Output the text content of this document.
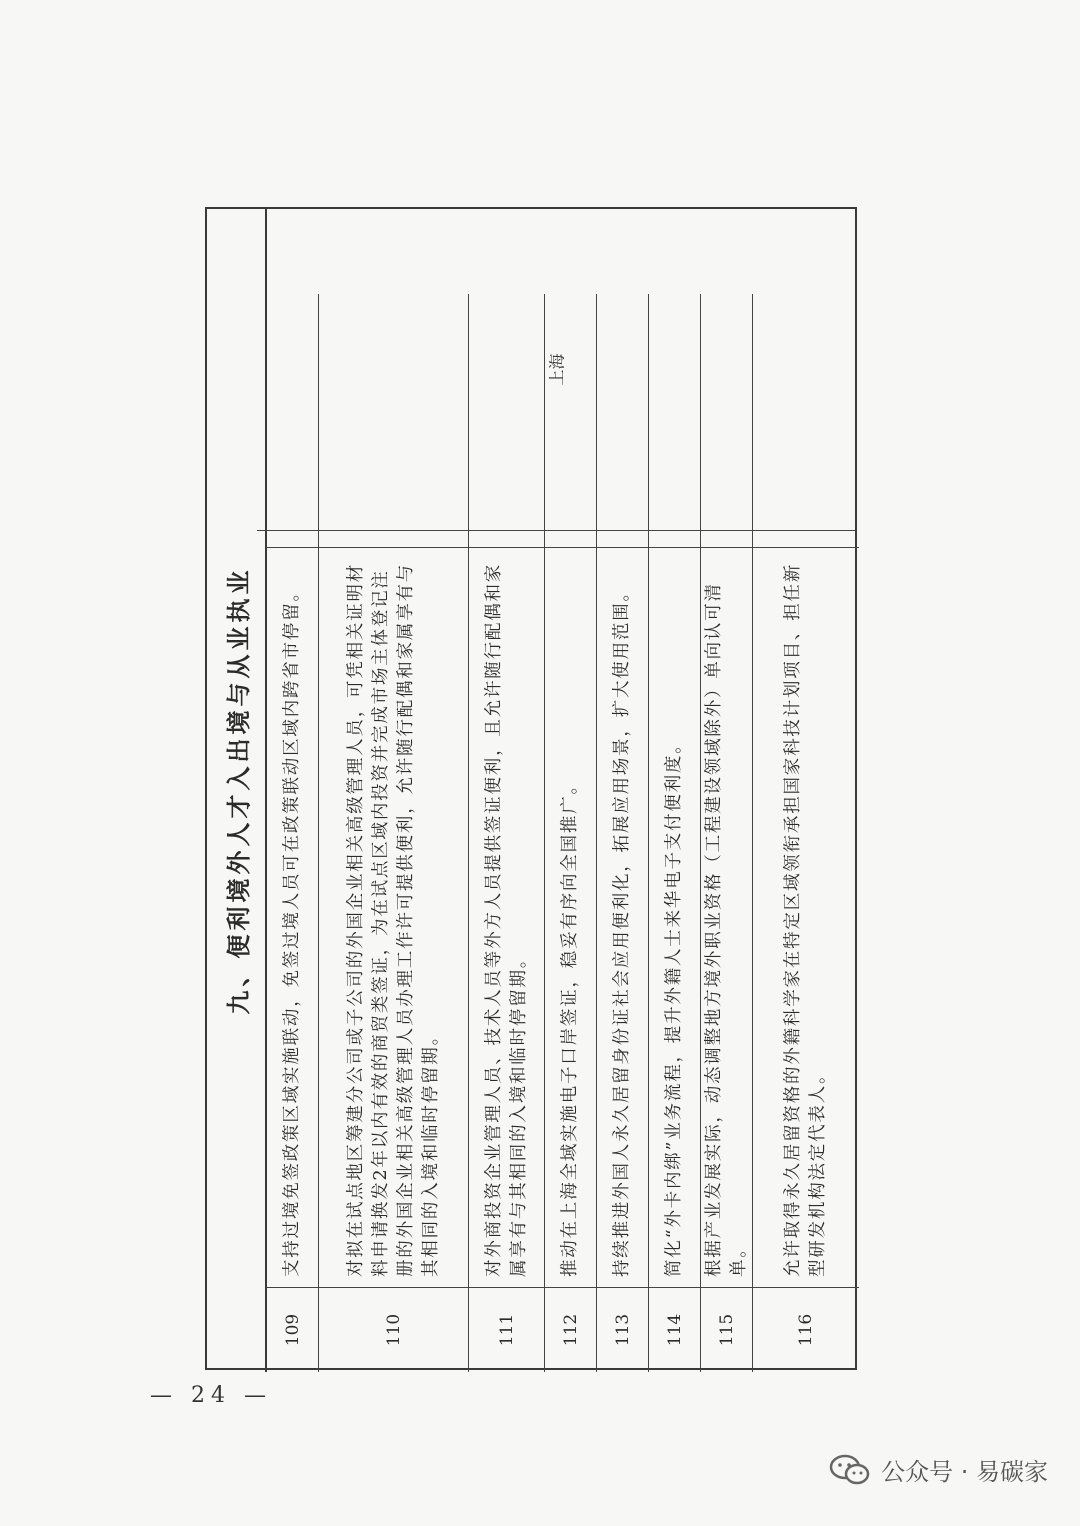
九、便利境外人才入出境与从业执业
109
支持过境免签政策区域实施联动，免签过境人员可在政策联动区域内跨省市停留。
110
对拟在试点地区筹建分公司或子公司的外国企业相关高级管理人员，可凭相关证明材料申请换发2年以内有效的商贸类签证，为在试点区域内投资并完成市场主体登记注册的外国企业相关高级管理人员办理工作许可提供便利，允许随行配偶和家属享有与其相同的入境和临时停留期。
111
对外商投资企业管理人员、技术人员等外方人员提供签证便利，且允许随行配偶和家属享有与其相同的入境和临时停留期。
112
推动在上海全域实施电子口岸签证，稳妥有序向全国推广。
113
持续推进外国人永久居留身份证社会应用便利化，拓展应用场景，扩大使用范围。
114
简化“外卡内绑”业务流程，提升外籍人士来华电子支付便利度。
115
根据产业发展实际，动态调整地方境外职业资格（工程建设领域除外）单向认可清单。
116
允许取得永久居留资格的外籍科学家在特定区域领衔承担国家科技计划项目、担任新型研发机构法定代表人。
上海
— 24 —
公众号 · 易碳家
